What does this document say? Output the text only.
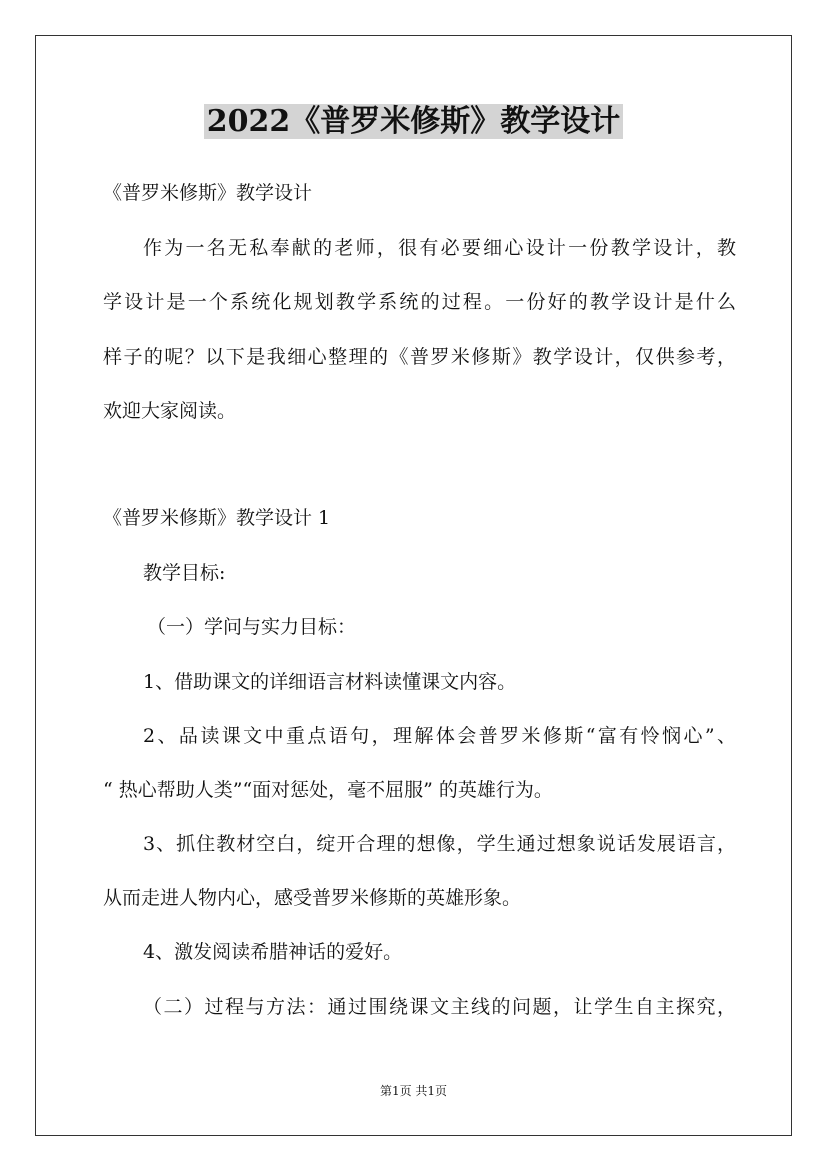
2022《普罗米修斯》教学设计
《普罗米修斯》教学设计
作为一名无私奉献的老师，很有必要细心设计一份教学设计，教
学设计是一个系统化规划教学系统的过程。一份好的教学设计是什么
样子的呢？以下是我细心整理的《普罗米修斯》教学设计，仅供参考，
欢迎大家阅读。
《普罗米修斯》教学设计 1
教学目标:
（一）学问与实力目标：
1、借助课文的详细语言材料读懂课文内容。
2、品读课文中重点语句，理解体会普罗米修斯“富有怜悯心”、
“ 热心帮助人类”“面对惩处，毫不屈服” 的英雄行为。
3、抓住教材空白，绽开合理的想像，学生通过想象说话发展语言，
从而走进人物内心，感受普罗米修斯的英雄形象。
4、激发阅读希腊神话的爱好。
（二）过程与方法：通过围绕课文主线的问题，让学生自主探究，
第1页 共1页
